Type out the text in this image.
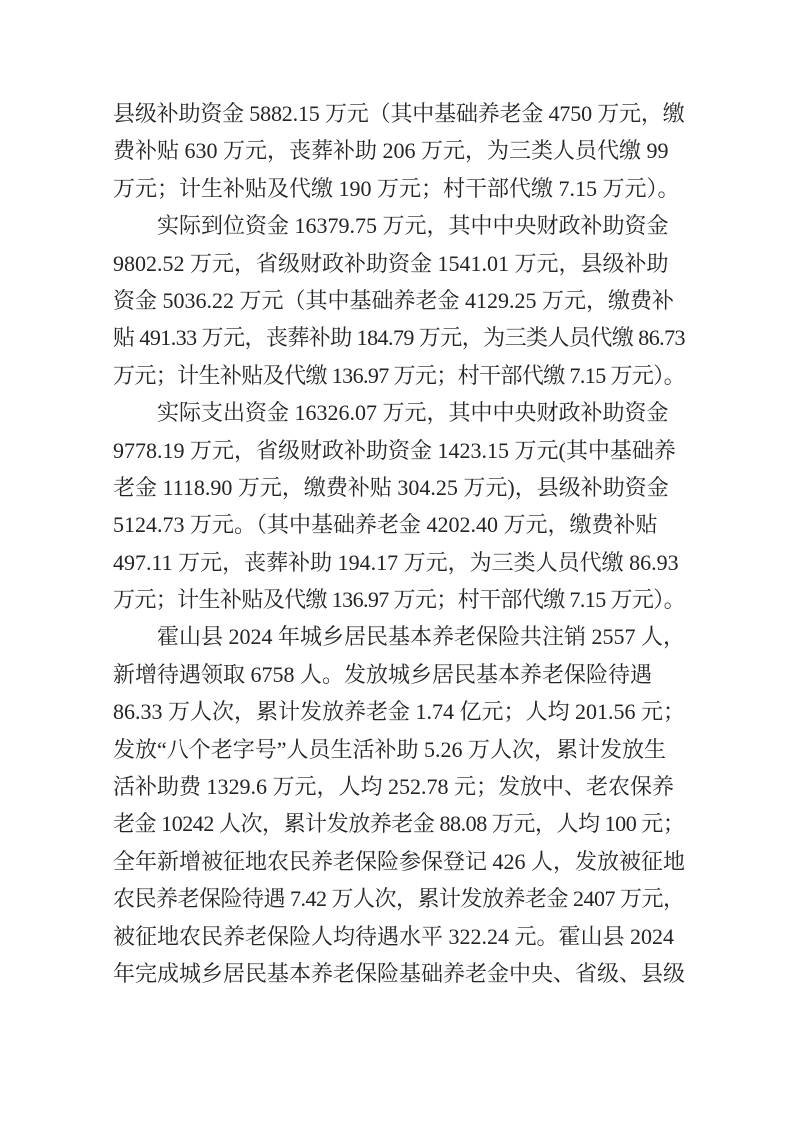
县级补助资金 5882.15 万元（其中基础养老金 4750 万元，缴
费补贴 630 万元，丧葬补助 206 万元，为三类人员代缴 99
万元；计生补贴及代缴 190 万元；村干部代缴 7.15 万元）。
　　实际到位资金 16379.75 万元，其中中央财政补助资金
9802.52 万元，省级财政补助资金 1541.01 万元，县级补助
资金 5036.22 万元（其中基础养老金 4129.25 万元，缴费补
贴 491.33 万元，丧葬补助 184.79 万元，为三类人员代缴 86.73
万元；计生补贴及代缴 136.97 万元；村干部代缴 7.15 万元）。
　　实际支出资金 16326.07 万元，其中中央财政补助资金
9778.19 万元，省级财政补助资金 1423.15 万元(其中基础养
老金 1118.90 万元，缴费补贴 304.25 万元)，县级补助资金
5124.73 万元。（其中基础养老金 4202.40 万元，缴费补贴
497.11 万元，丧葬补助 194.17 万元，为三类人员代缴 86.93
万元；计生补贴及代缴 136.97 万元；村干部代缴 7.15 万元）。
　　霍山县 2024 年城乡居民基本养老保险共注销 2557 人，
新增待遇领取 6758 人。发放城乡居民基本养老保险待遇
86.33 万人次，累计发放养老金 1.74 亿元；人均 201.56 元；
发放“八个老字号”人员生活补助 5.26 万人次，累计发放生
活补助费 1329.6 万元，人均 252.78 元；发放中、老农保养
老金 10242 人次，累计发放养老金 88.08 万元，人均 100 元；
全年新增被征地农民养老保险参保登记 426 人，发放被征地
农民养老保险待遇 7.42 万人次，累计发放养老金 2407 万元，
被征地农民养老保险人均待遇水平 322.24 元。霍山县 2024
年完成城乡居民基本养老保险基础养老金中央、省级、县级
